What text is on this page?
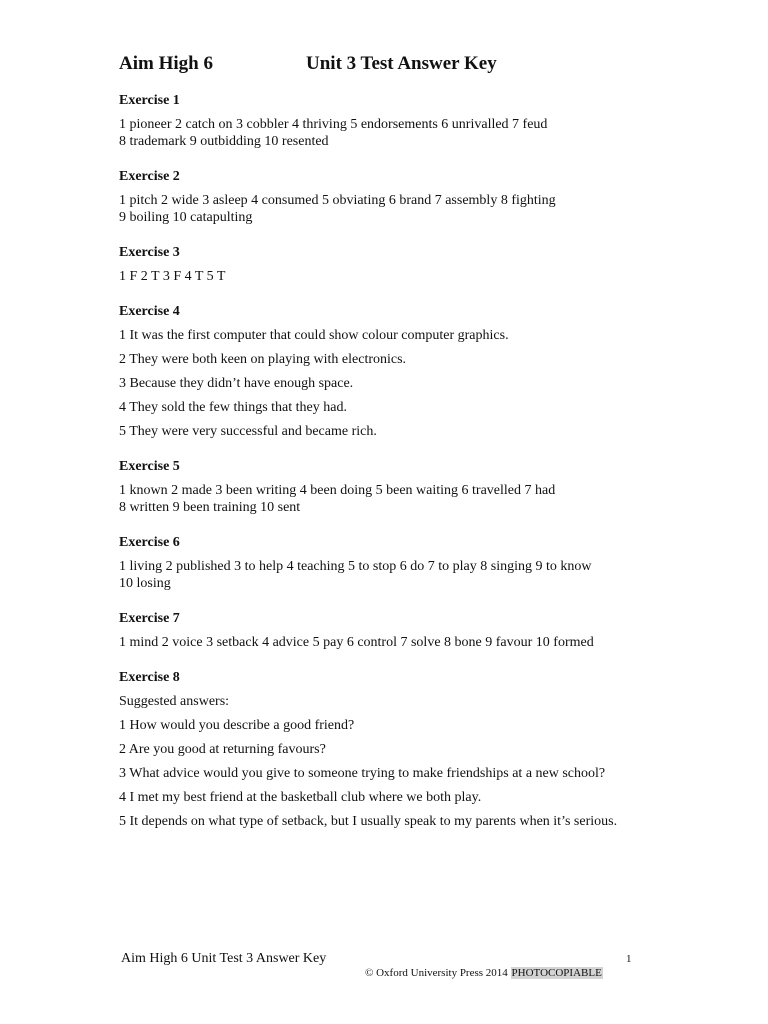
Aim High 6	Unit 3 Test Answer Key
Exercise 1
1 pioneer 2 catch on 3 cobbler 4 thriving 5 endorsements 6 unrivalled 7 feud
8 trademark 9 outbidding 10 resented
Exercise 2
1 pitch 2 wide 3 asleep 4 consumed 5 obviating 6 brand 7 assembly 8 fighting
9 boiling 10 catapulting
Exercise 3
1 F 2 T 3 F 4 T 5 T
Exercise 4
1 It was the first computer that could show colour computer graphics.
2 They were both keen on playing with electronics.
3 Because they didn’t have enough space.
4 They sold the few things that they had.
5 They were very successful and became rich.
Exercise 5
1 known 2 made 3 been writing 4 been doing 5 been waiting 6 travelled 7 had
8 written 9 been training 10 sent
Exercise 6
1 living 2 published 3 to help 4 teaching 5 to stop 6 do 7 to play 8 singing 9 to know
10 losing
Exercise 7
1 mind 2 voice 3 setback 4 advice 5 pay 6 control 7 solve 8 bone 9 favour 10 formed
Exercise 8
Suggested answers:
1 How would you describe a good friend?
2 Are you good at returning favours?
3 What advice would you give to someone trying to make friendships at a new school?
4 I met my best friend at the basketball club where we both play.
5 It depends on what type of setback, but I usually speak to my parents when it’s serious.
Aim High 6 Unit Test 3 Answer Key	1
© Oxford University Press 2014 PHOTOCOPIABLE
